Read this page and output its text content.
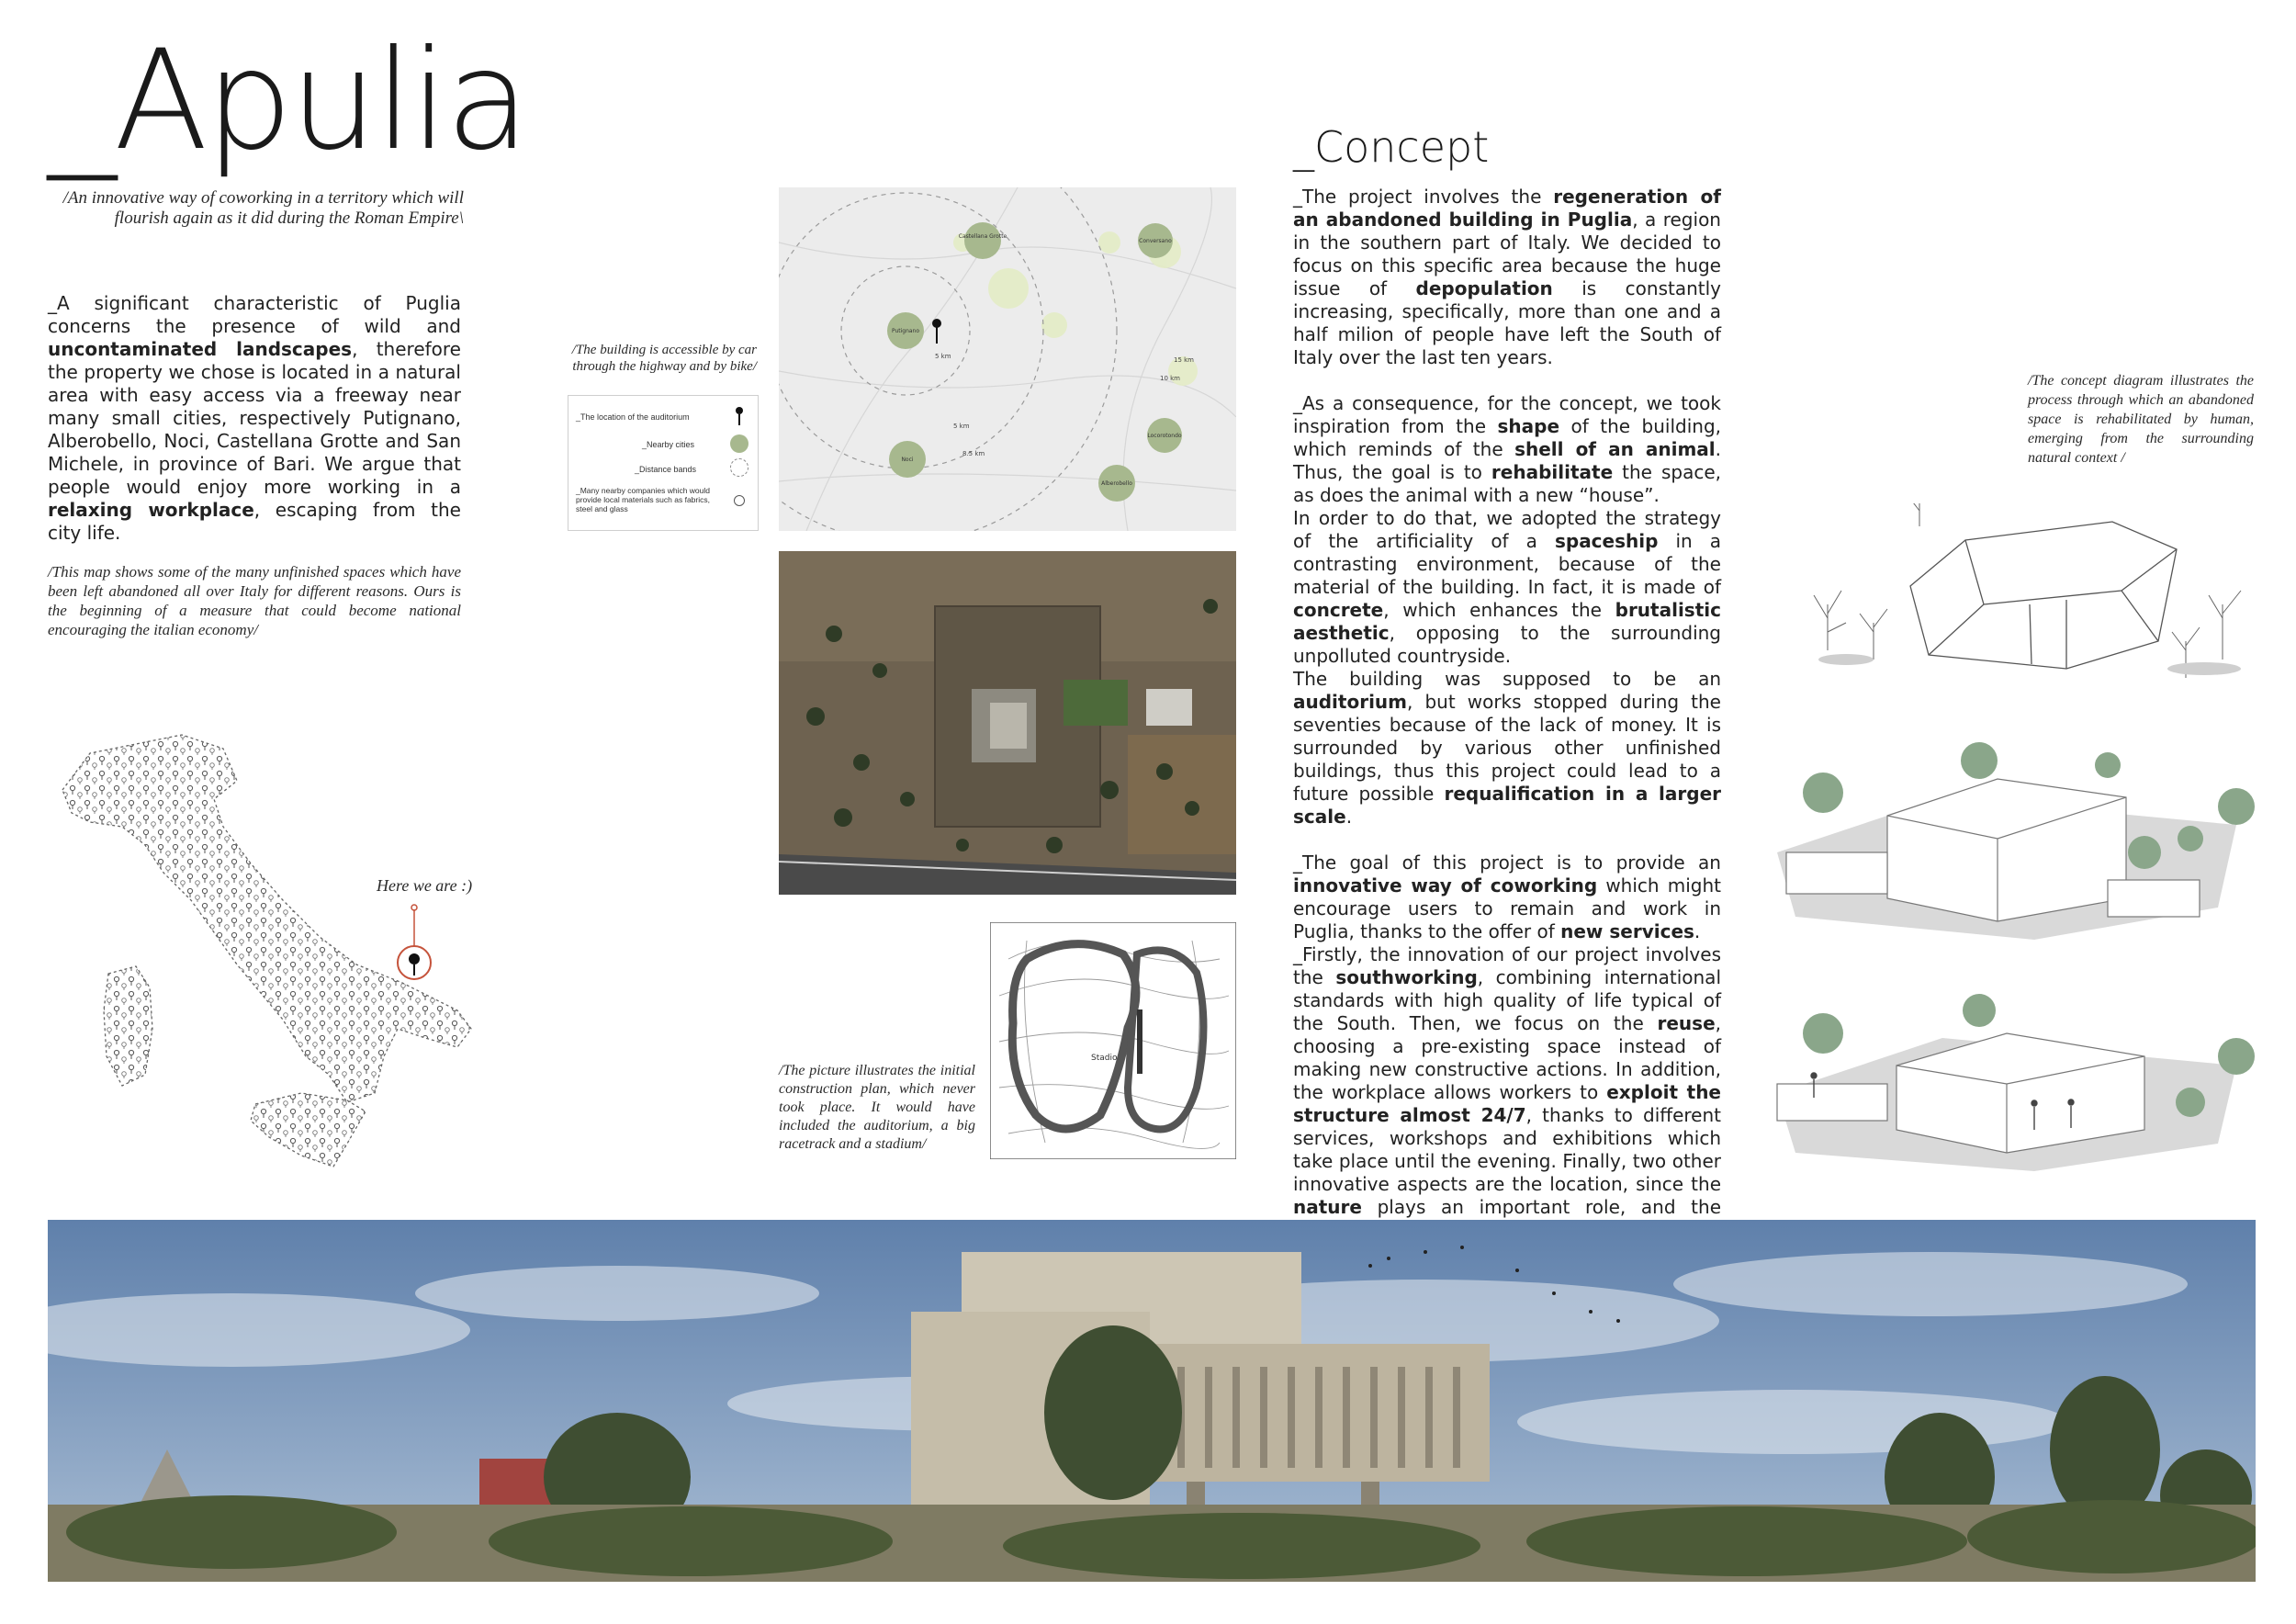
_Apulia
/An innovative way of coworking in a territory which will flourish again as it did during the Roman Empire\
_A significant characteristic of Puglia concerns the presence of wild and uncontaminated landscapes, therefore the property we chose is located in a natural area with easy access via a freeway near many small cities, respectively Putignano, Alberobello, Noci, Castellana Grotte and San Michele, in province of Bari. We argue that people would enjoy more working in a relaxing workplace, escaping from the city life.
/This map shows some of the many unfinished spaces which have been left abandoned all over Italy for different reasons. Ours is the beginning of a measure that could become national encouraging the italian economy/
Here we are :)
/The building is accessible by car through the highway and by bike/
_The location of the auditorium
_Nearby cities
_Distance bands
_Many nearby companies which would provide local materials such as fabrics, steel and glass
Castellana Grotte
Conversano
Putignano
Noci
Alberobello
Locorotondo
5 km
5 km
8.5 km
10 km
15 km
Stadio
/The picture illustrates the initial construction plan, which never took place. It would have included the auditorium, a big racetrack and a stadium/
_Concept

_The project involves the regeneration of an abandoned building in Puglia, a region in the southern part of Italy. We decided to focus on this specific area because the huge issue of depopulation is constantly increasing, specifically, more than one and a half milion of people have left the South of Italy over the last ten years.

_As a consequence, for the concept, we took inspiration from the shape of the building, which reminds of the shell of an animal. Thus, the goal is to rehabilitate the space, as does the animal with a new “house”.

In order to do that, we adopted the strategy of the artificiality of a spaceship in a contrasting environment, because of the material of the building. In fact, it is made of concrete, which enhances the brutalistic aesthetic, opposing to the surrounding unpolluted countryside.

The building was supposed to be an auditorium, but works stopped during the seventies because of the lack of money. It is surrounded by various other unfinished buildings, thus this project could lead to a future possible requalification in a larger scale.

_The goal of this project is to provide an innovative way of coworking which might encourage users to remain and work in Puglia, thanks to the offer of new services.

_Firstly, the innovation of our project involves the southworking, combining international standards with high quality of life typical of the South. Then, we focus on the reuse, choosing a pre-existing space instead of making new constructive actions. In addition, the workplace allows workers to exploit the structure almost 24/7, thanks to different services, workshops and exhibitions which take place until the evening. Finally, two other innovative aspects are the location, since the nature plays an important role, and the

/The concept diagram illustrates the process through which an abandoned space is rehabilitated by human, emerging from the surrounding natural context /
